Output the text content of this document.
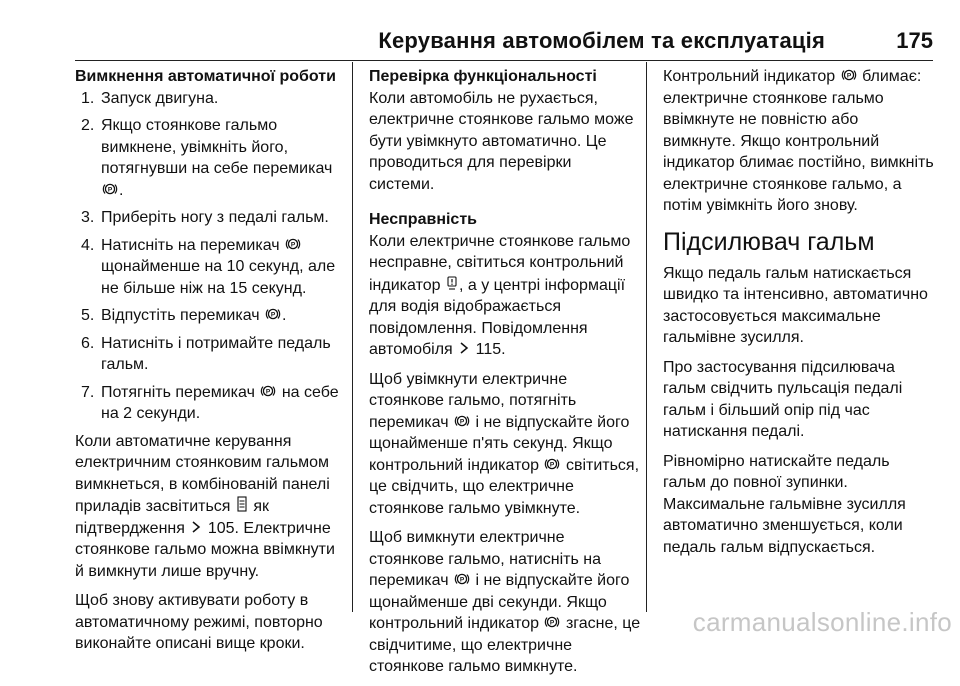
Керування автомобілем та експлуатація	175
Вимкнення автоматичної роботи
1. Запуск двигуна.
2. Якщо стоянкове гальмо вимкнене, увімкніть його, потягнувши на себе перемикач .
3. Приберіть ногу з педалі гальм.
4. Натисніть на перемикач  щонайменше на 10 секунд, але не більше ніж на 15 секунд.
5. Відпустіть перемикач .
6. Натисніть і потримайте педаль гальм.
7. Потягніть перемикач на себе на 2 секунди.

Коли автоматичне керування електричним стоянковим гальмом вимкнеться, в комбінованій панелі приладів засвітиться як підтвердження 105. Електричне стоянкове гальмо можна ввімкнути й вимкнути лише вручну.

Щоб знову активувати роботу в автоматичному режимі, повторно виконайте описані вище кроки.

Перевірка функціональності

Коли автомобіль не рухається, електричне стоянкове гальмо може бути увімкнуто автоматично. Це проводиться для перевірки системи.

Несправність

Коли електричне стоянкове гальмо несправне, світиться контрольний індикатор , а у центрі інформації для водія відображається повідомлення. Повідомлення автомобіля 115.

Щоб увімкнути електричне стоянкове гальмо, потягніть перемикач і не відпускайте його щонайменше п'ять секунд. Якщо контрольний індикатор світиться, це свідчить, що електричне стоянкове гальмо увімкнуте.

Щоб вимкнути електричне стоянкове гальмо, натисніть на перемикач і не відпускайте його щонайменше дві секунди. Якщо контрольний індикатор згасне, це свідчитиме, що електричне стоянкове гальмо вимкнуте.

Контрольний індикатор блимає: електричне стоянкове гальмо ввімкнуте не повністю або вимкнуте. Якщо контрольний індикатор блимає постійно, вимкніть електричне стоянкове гальмо, а потім увімкніть його знову.

Підсилювач гальм

Якщо педаль гальм натискається швидко та інтенсивно, автоматично застосовується максимальне гальмівне зусилля.

Про застосування підсилювача гальм свідчить пульсація педалі гальм і більший опір під час натискання педалі.

Рівномірно натискайте педаль гальм до повної зупинки. Максимальне гальмівне зусилля автоматично зменшується, коли педаль гальм відпускається.

carmanualsonline.info
